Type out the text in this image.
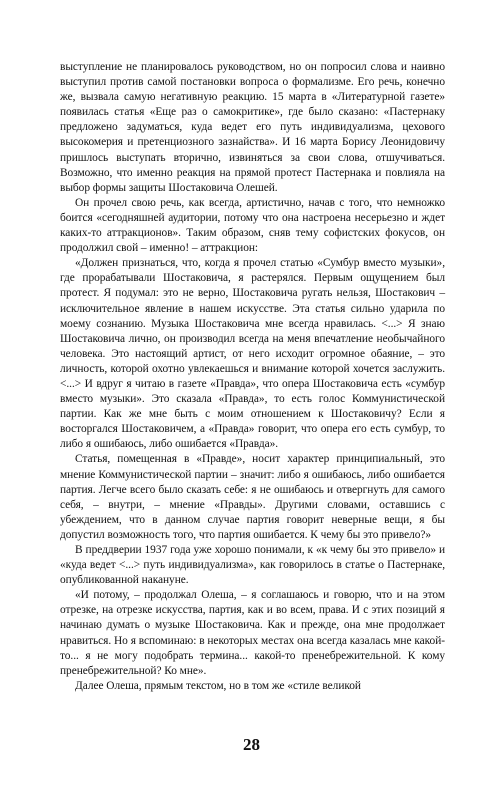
выступление не планировалось руководством, но он попросил слова и наивно выступил против самой постановки вопроса о формализме. Его речь, конечно же, вызвала самую негативную реакцию. 15 марта в «Литературной газете» появилась статья «Еще раз о самокритике», где было сказано: «Пастернаку предложено задуматься, куда ведет его путь индивидуализма, цехового высокомерия и претенциозного зазнайства». И 16 марта Борису Леонидовичу пришлось выступать вторично, извиняться за свои слова, отшучиваться. Возможно, что именно реакция на прямой протест Пастернака и повлияла на выбор формы защиты Шостаковича Олешей.

Он прочел свою речь, как всегда, артистично, начав с того, что немножко боится «сегодняшней аудитории, потому что она настроена несерьезно и ждет каких-то аттракционов». Таким образом, сняв тему софистских фокусов, он продолжил свой – именно! – аттракцион:

«Должен признаться, что, когда я прочел статью «Сумбур вместо музыки», где прорабатывали Шостаковича, я растерялся. Первым ощущением был протест. Я подумал: это не верно, Шостаковича ругать нельзя, Шостакович – исключительное явление в нашем искусстве. Эта статья сильно ударила по моему сознанию. Музыка Шостаковича мне всегда нравилась. <...> Я знаю Шостаковича лично, он производил всегда на меня впечатление необычайного человека. Это настоящий артист, от него исходит огромное обаяние, – это личность, которой охотно увлекаешься и внимание которой хочется заслужить. <...> И вдруг я читаю в газете «Правда», что опера Шостаковича есть «сумбур вместо музыки». Это сказала «Правда», то есть голос Коммунистической партии. Как же мне быть с моим отношением к Шостаковичу? Если я восторгался Шостаковичем, а «Правда» говорит, что опера его есть сумбур, то либо я ошибаюсь, либо ошибается «Правда».

Статья, помещенная в «Правде», носит характер принципиальный, это мнение Коммунистической партии – значит: либо я ошибаюсь, либо ошибается партия. Легче всего было сказать себе: я не ошибаюсь и отвергнуть для самого себя, – внутри, – мнение «Правды». Другими словами, оставшись с убеждением, что в данном случае партия говорит неверные вещи, я бы допустил возможность того, что партия ошибается. К чему бы это привело?»

В преддверии 1937 года уже хорошо понимали, к «к чему бы это привело» и «куда ведет <...> путь индивидуализма», как говорилось в статье о Пастернаке, опубликованной накануне.

«И потому, – продолжал Олеша, – я соглашаюсь и говорю, что и на этом отрезке, на отрезке искусства, партия, как и во всем, права. И с этих позиций я начинаю думать о музыке Шостаковича. Как и прежде, она мне продолжает нравиться. Но я вспоминаю: в некоторых местах она всегда казалась мне какой-то... я не могу подобрать термина... какой-то пренебрежительной. К кому пренебрежительной? Ко мне».

Далее Олеша, прямым текстом, но в том же «стиле великой

28
